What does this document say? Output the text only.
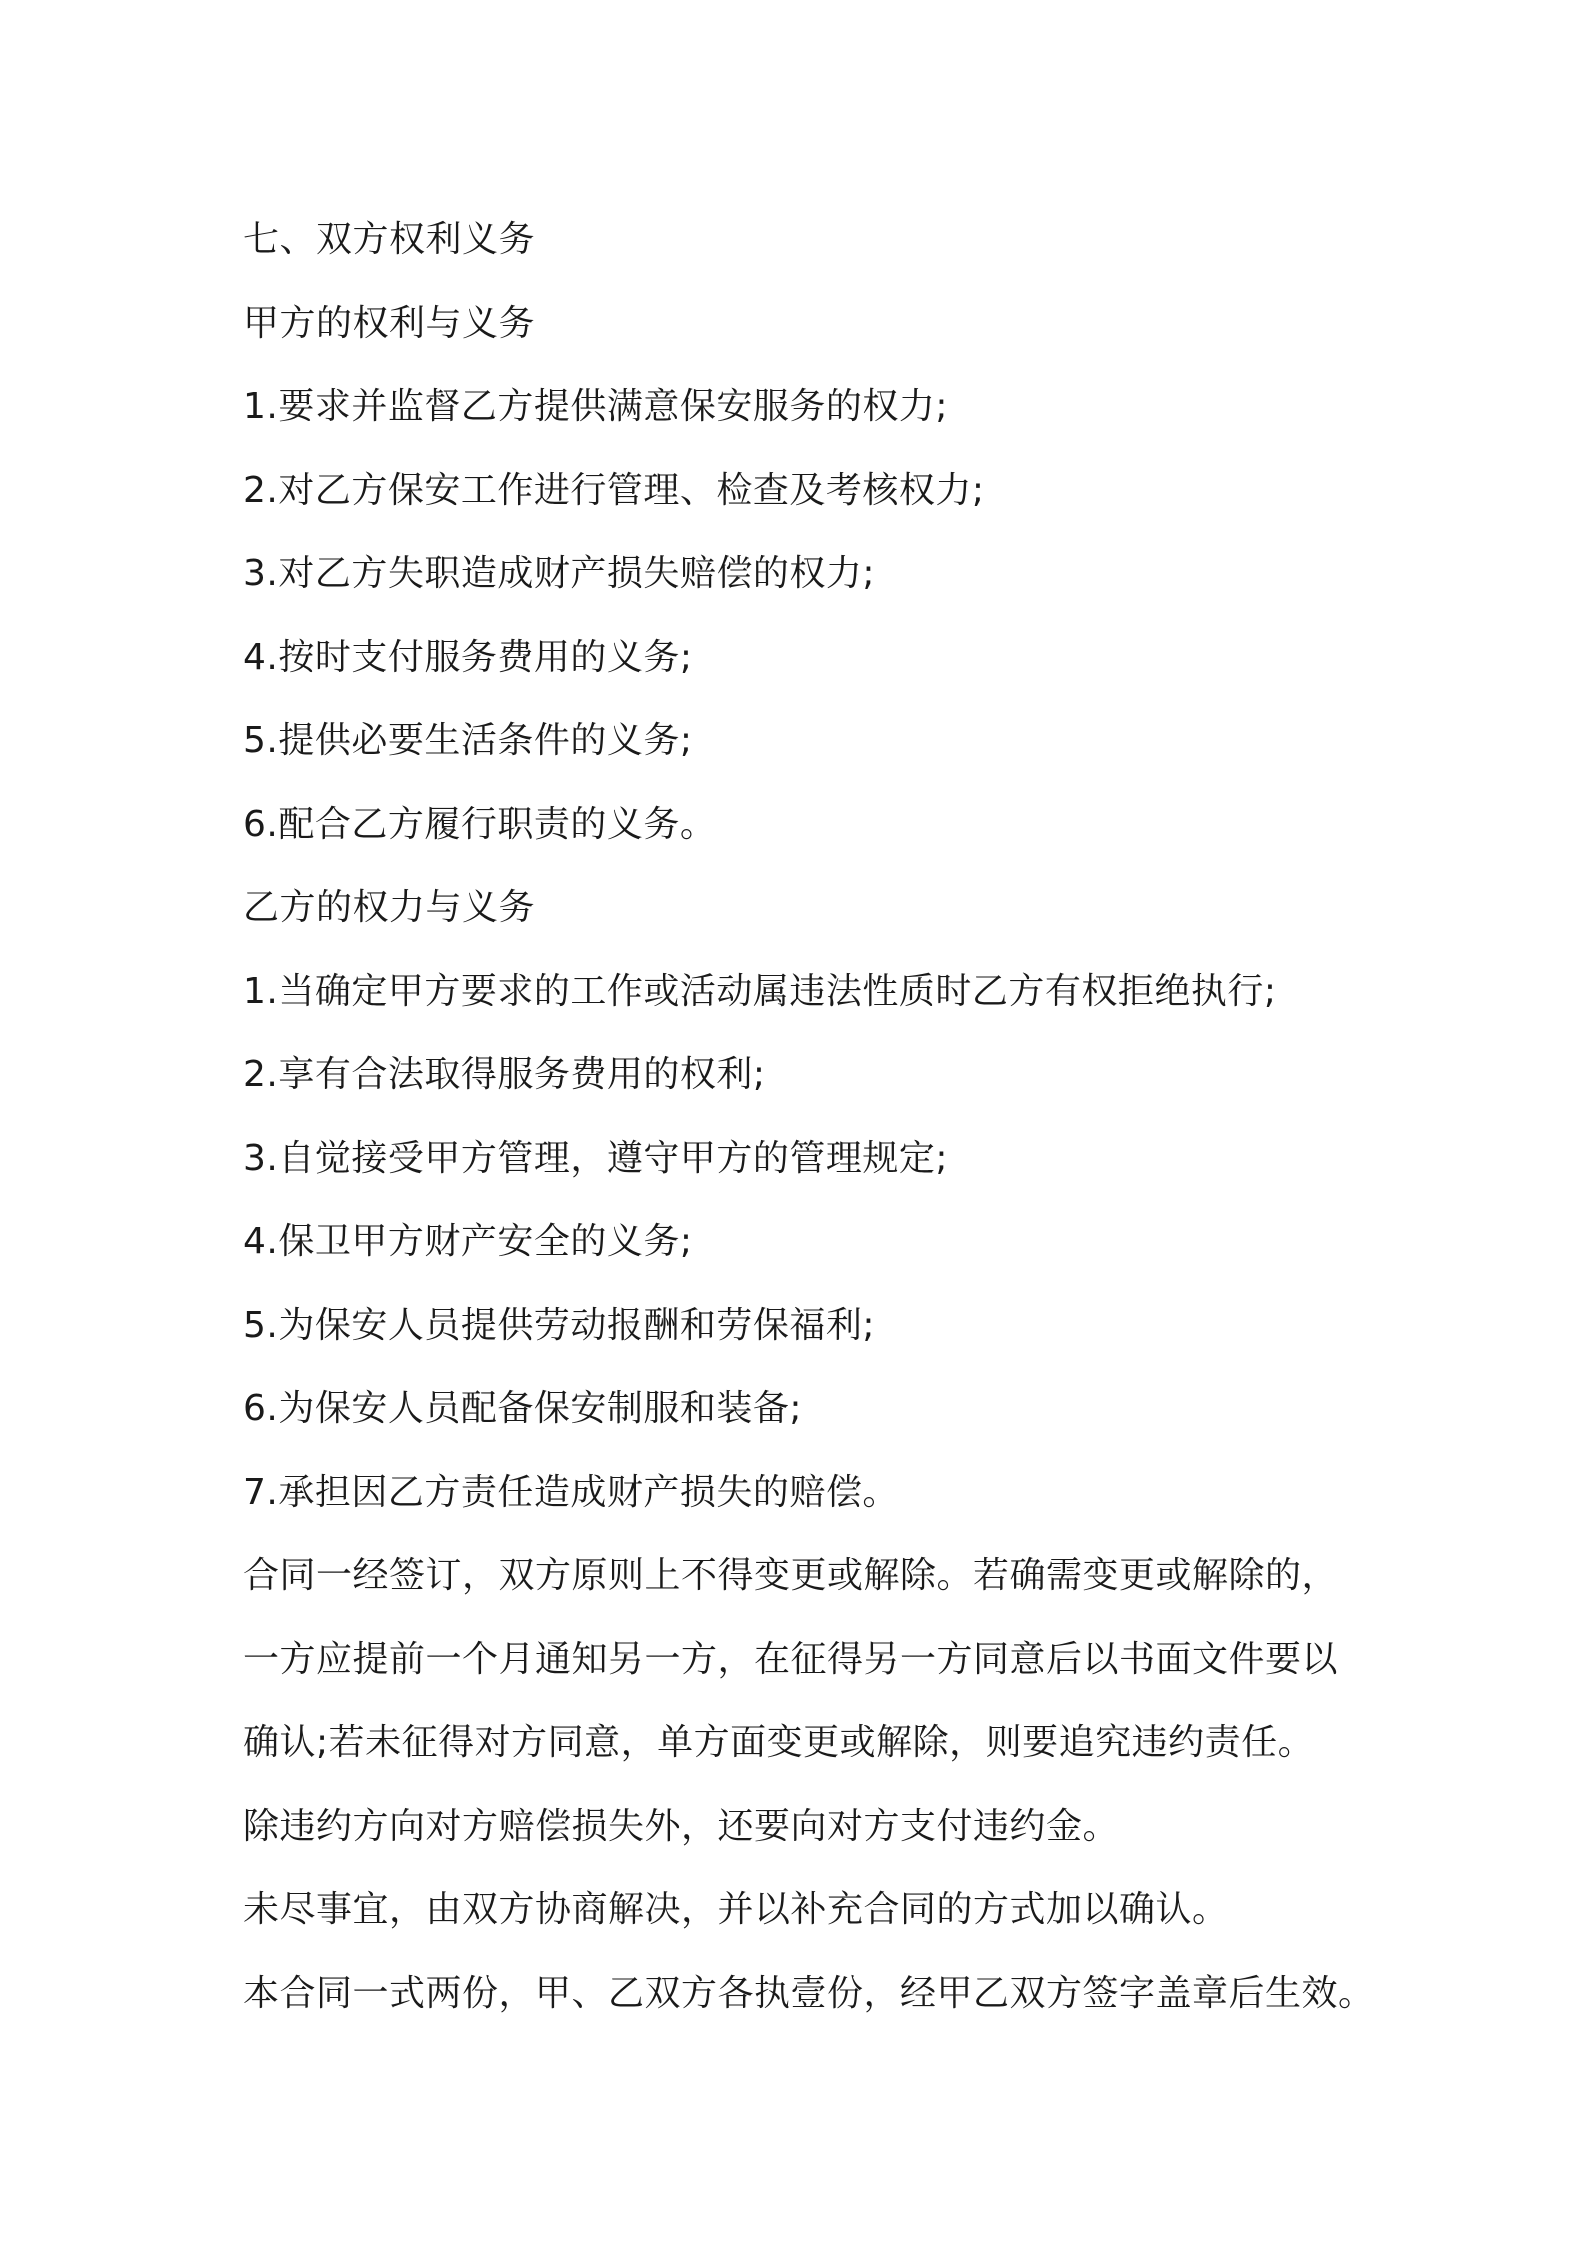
七、双方权利义务
甲方的权利与义务
1.要求并监督乙方提供满意保安服务的权力;
2.对乙方保安工作进行管理、检查及考核权力;
3.对乙方失职造成财产损失赔偿的权力;
4.按时支付服务费用的义务;
5.提供必要生活条件的义务;
6.配合乙方履行职责的义务。
乙方的权力与义务
1.当确定甲方要求的工作或活动属违法性质时乙方有权拒绝执行;
2.享有合法取得服务费用的权利;
3.自觉接受甲方管理，遵守甲方的管理规定;
4.保卫甲方财产安全的义务;
5.为保安人员提供劳动报酬和劳保福利;
6.为保安人员配备保安制服和装备;
7.承担因乙方责任造成财产损失的赔偿。
合同一经签订，双方原则上不得变更或解除。若确需变更或解除的，
一方应提前一个月通知另一方，在征得另一方同意后以书面文件要以
确认;若未征得对方同意，单方面变更或解除，则要追究违约责任。
除违约方向对方赔偿损失外，还要向对方支付违约金。
未尽事宜，由双方协商解决，并以补充合同的方式加以确认。
本合同一式两份，甲、乙双方各执壹份，经甲乙双方签字盖章后生效。
